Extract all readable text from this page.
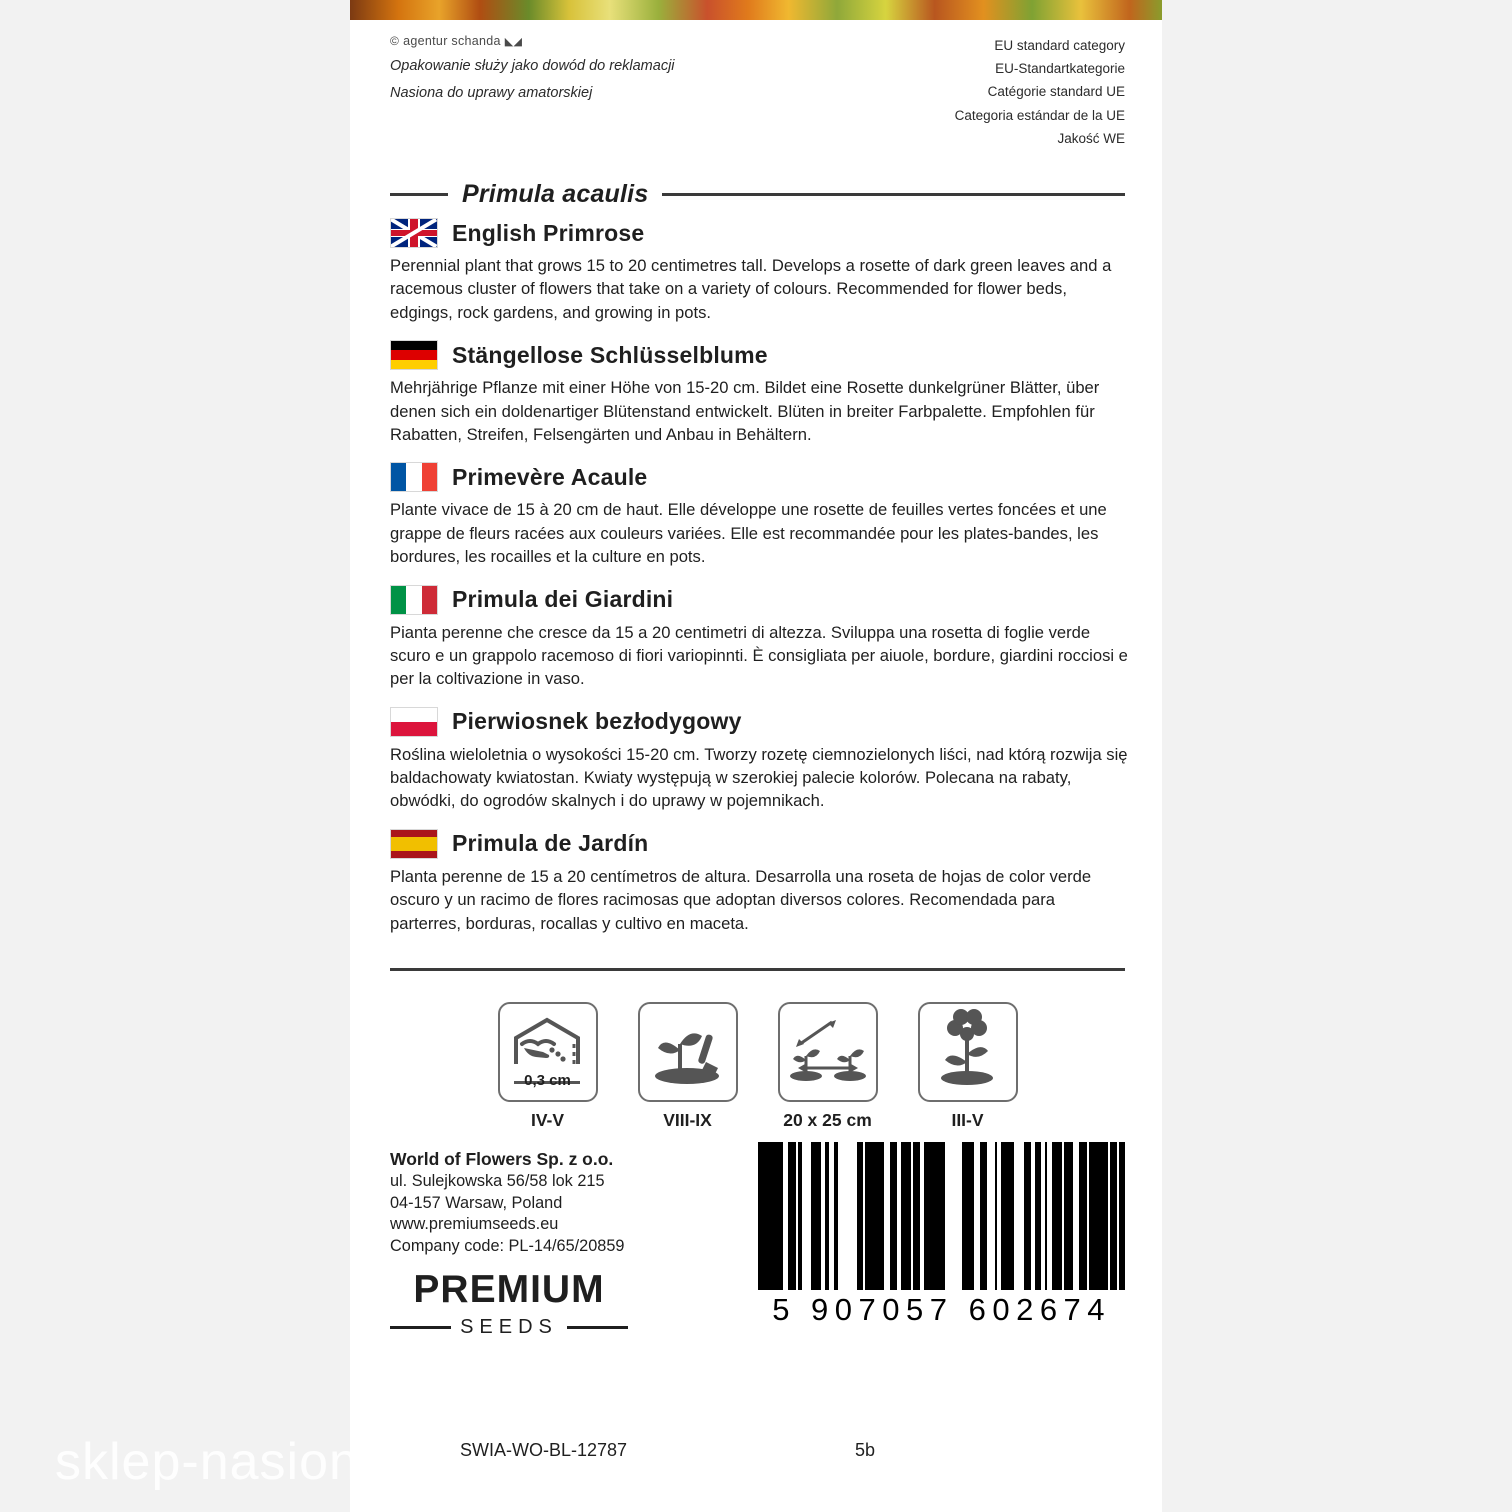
sklep-nasion
© agentur schanda ◣◢

Opakowanie służy jako dowód do reklamacji

Nasiona do uprawy amatorskiej

EU standard category
EU-Standartkategorie
Catégorie standard UE
Categoria estándar de la UE
Jakość WE
Primula acaulis
English Primrose

Perennial plant that grows 15 to 20 centimetres tall. Develops a rosette of dark green leaves and a racemous cluster of flowers that take on a variety of colours. Recommended for flower beds, edgings, rock gardens, and growing in pots.

Stängellose Schlüsselblume

Mehrjährige Pflanze mit einer Höhe von 15-20 cm. Bildet eine Rosette dunkelgrüner Blätter, über denen sich ein doldenartiger Blütenstand entwickelt. Blüten in breiter Farbpalette. Empfohlen für Rabatten, Streifen, Felsengärten und Anbau in Behältern.

Primevère Acaule

Plante vivace de 15 à 20 cm de haut. Elle développe une rosette de feuilles vertes foncées et une grappe de fleurs racées aux couleurs variées. Elle est recommandée pour les plates-bandes, les bordures, les rocailles et la culture en pots.

Primula dei Giardini

Pianta perenne che cresce da 15 a 20 centimetri di altezza. Sviluppa una rosetta di foglie verde scuro e un grappolo racemoso di fiori variopinnti. È consigliata per aiuole, bordure, giardini rocciosi e per la coltivazione in vaso.

Pierwiosnek bezłodygowy

Roślina wieloletnia o wysokości 15-20 cm. Tworzy rozetę ciemnozielonych liści, nad którą rozwija się baldachowaty kwiatostan. Kwiaty występują w szerokiej palecie kolorów. Polecana na rabaty, obwódki, do ogrodów skalnych i do uprawy w pojemnikach.

Primula de Jardín

Planta perenne de 15 a 20 centímetros de altura. Desarrolla una roseta de hojas de color verde oscuro y un racimo de flores racimosas que adoptan diversos colores. Recomendada para parterres, borduras, rocallas y cultivo en maceta.

0,3 cm
IV-V	VIII-IX	20 x 25 cm	III-V
World of Flowers Sp. z o.o.
ul. Sulejkowska 56/58 lok 215
04-157 Warsaw, Poland
www.premiumseeds.eu
Company code: PL-14/65/20859
PREMIUM
SEEDS	5 907057 602674
SWIA-WO-BL-12787	5b
